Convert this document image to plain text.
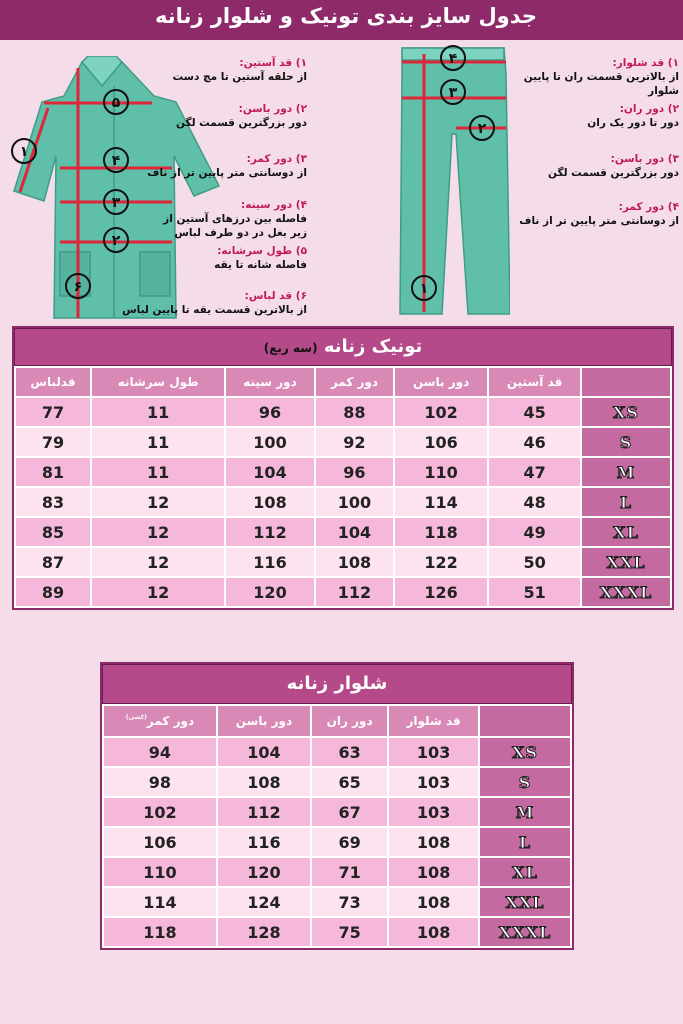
جدول سایز بندی تونیک و شلوار زنانه
۵
۴
۳
۲
۱
۶
۱) قد آستین:
از حلقه آستین تا مچ دست
۲) دور باسن:
دور بزرگترین قسمت لگن
۳) دور کمر:
از دوسانتی متر پایین تر از ناف
۴) دور سینه:
فاصله بین درزهای آستین از زیر بغل در دو طرف لباس
۵) طول سرشانه:
فاصله شانه تا یقه
۶) قد لباس:
از بالاترین قسمت یقه تا پایین لباس
۴
۳
۲
۱
۱) قد شلوار:
از بالاترین قسمت ران تا پایین شلوار
۲) دور ران:
دور تا دور یک ران
۳) دور باسن:
دور بزرگترین قسمت لگن
۴) دور کمر:
از دوسانتی متر پایین تر از ناف
تونیک زنانه (سه ربع)
قدلباس	طول سرشانه	دور سینه	دور کمر	دور باسن	قد آستین	
77	11	96	88	102	45	XS
79	11	100	92	106	46	S
81	11	104	96	110	47	M
83	12	108	100	114	48	L
85	12	112	104	118	49	XL
87	12	116	108	122	50	XXL
89	12	120	112	126	51	XXXL
شلوار زنانه
$^{(کشی)}$دور کمر	دور باسن	دور ران	قد شلوار	
94	104	63	103	XS
98	108	65	103	S
102	112	67	103	M
106	116	69	108	L
110	120	71	108	XL
114	124	73	108	XXL
118	128	75	108	XXXL
